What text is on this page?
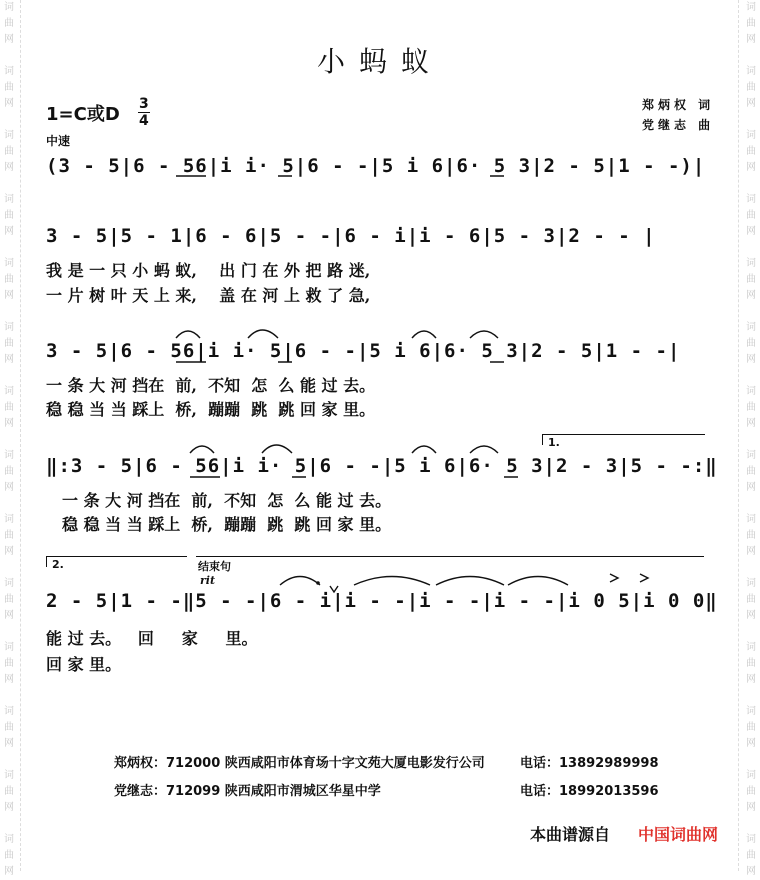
词
曲
网

词
曲
网

词
曲
网

词
曲
网

词
曲
网

词
曲
网

词
曲
网

词
曲
网

词
曲
网

词
曲
网

词
曲
网

词
曲
网

词
曲
网

词
曲
网
词
曲
网

词
曲
网

词
曲
网

词
曲
网

词
曲
网

词
曲
网

词
曲
网

词
曲
网

词
曲
网

词
曲
网

词
曲
网

词
曲
网

词
曲
网

词
曲
网
小蚂蚁
1=C或D 3
4
中速
郑炳权 词
党继志 曲
(3 - 5|6 - 56|i i· 5|6 - -|5 i 6|6· 5 3|2 - 5|1 - -)|
3 - 5|5 - 1|6 - 6|5 - -|6 - i|i - 6|5 - 3|2 - - |
我 是 一 只 小 蚂 蚁,    出 门 在 外 把 路 迷,
一 片 树 叶 天 上 来,    盖 在 河 上 救 了 急,
3 - 5|6 - 56|i i· 5|6 - -|5 i 6|6· 5 3|2 - 5|1 - -|
一 条 大 河 挡在  前,  不知  怎  么 能 过 去。
稳 稳 当 当 踩上  桥,  蹦蹦  跳  跳 回 家 里。
1.
‖:3 - 5|6 - 56|i i· 5|6 - -|5 i 6|6· 5 3|2 - 3|5 - -:‖
一 条 大 河 挡在  前,  不知  怎  么 能 过 去。
稳 稳 当 当 踩上  桥,  蹦蹦  跳  跳 回 家 里。
2.	结束句
rit
2 - 5|1 - -‖5 - -|6 - i|i - -|i - -|i - -|i 0 5|i 0 0‖
能 过 去。   回     家     里。
回 家 里。
郑炳权：712000 陕西咸阳市体育场十字文苑大厦电影发行公司	电话：13892989998
党继志：712099 陕西咸阳市渭城区华星中学	电话：18992013596
本曲谱源自 中国词曲网
